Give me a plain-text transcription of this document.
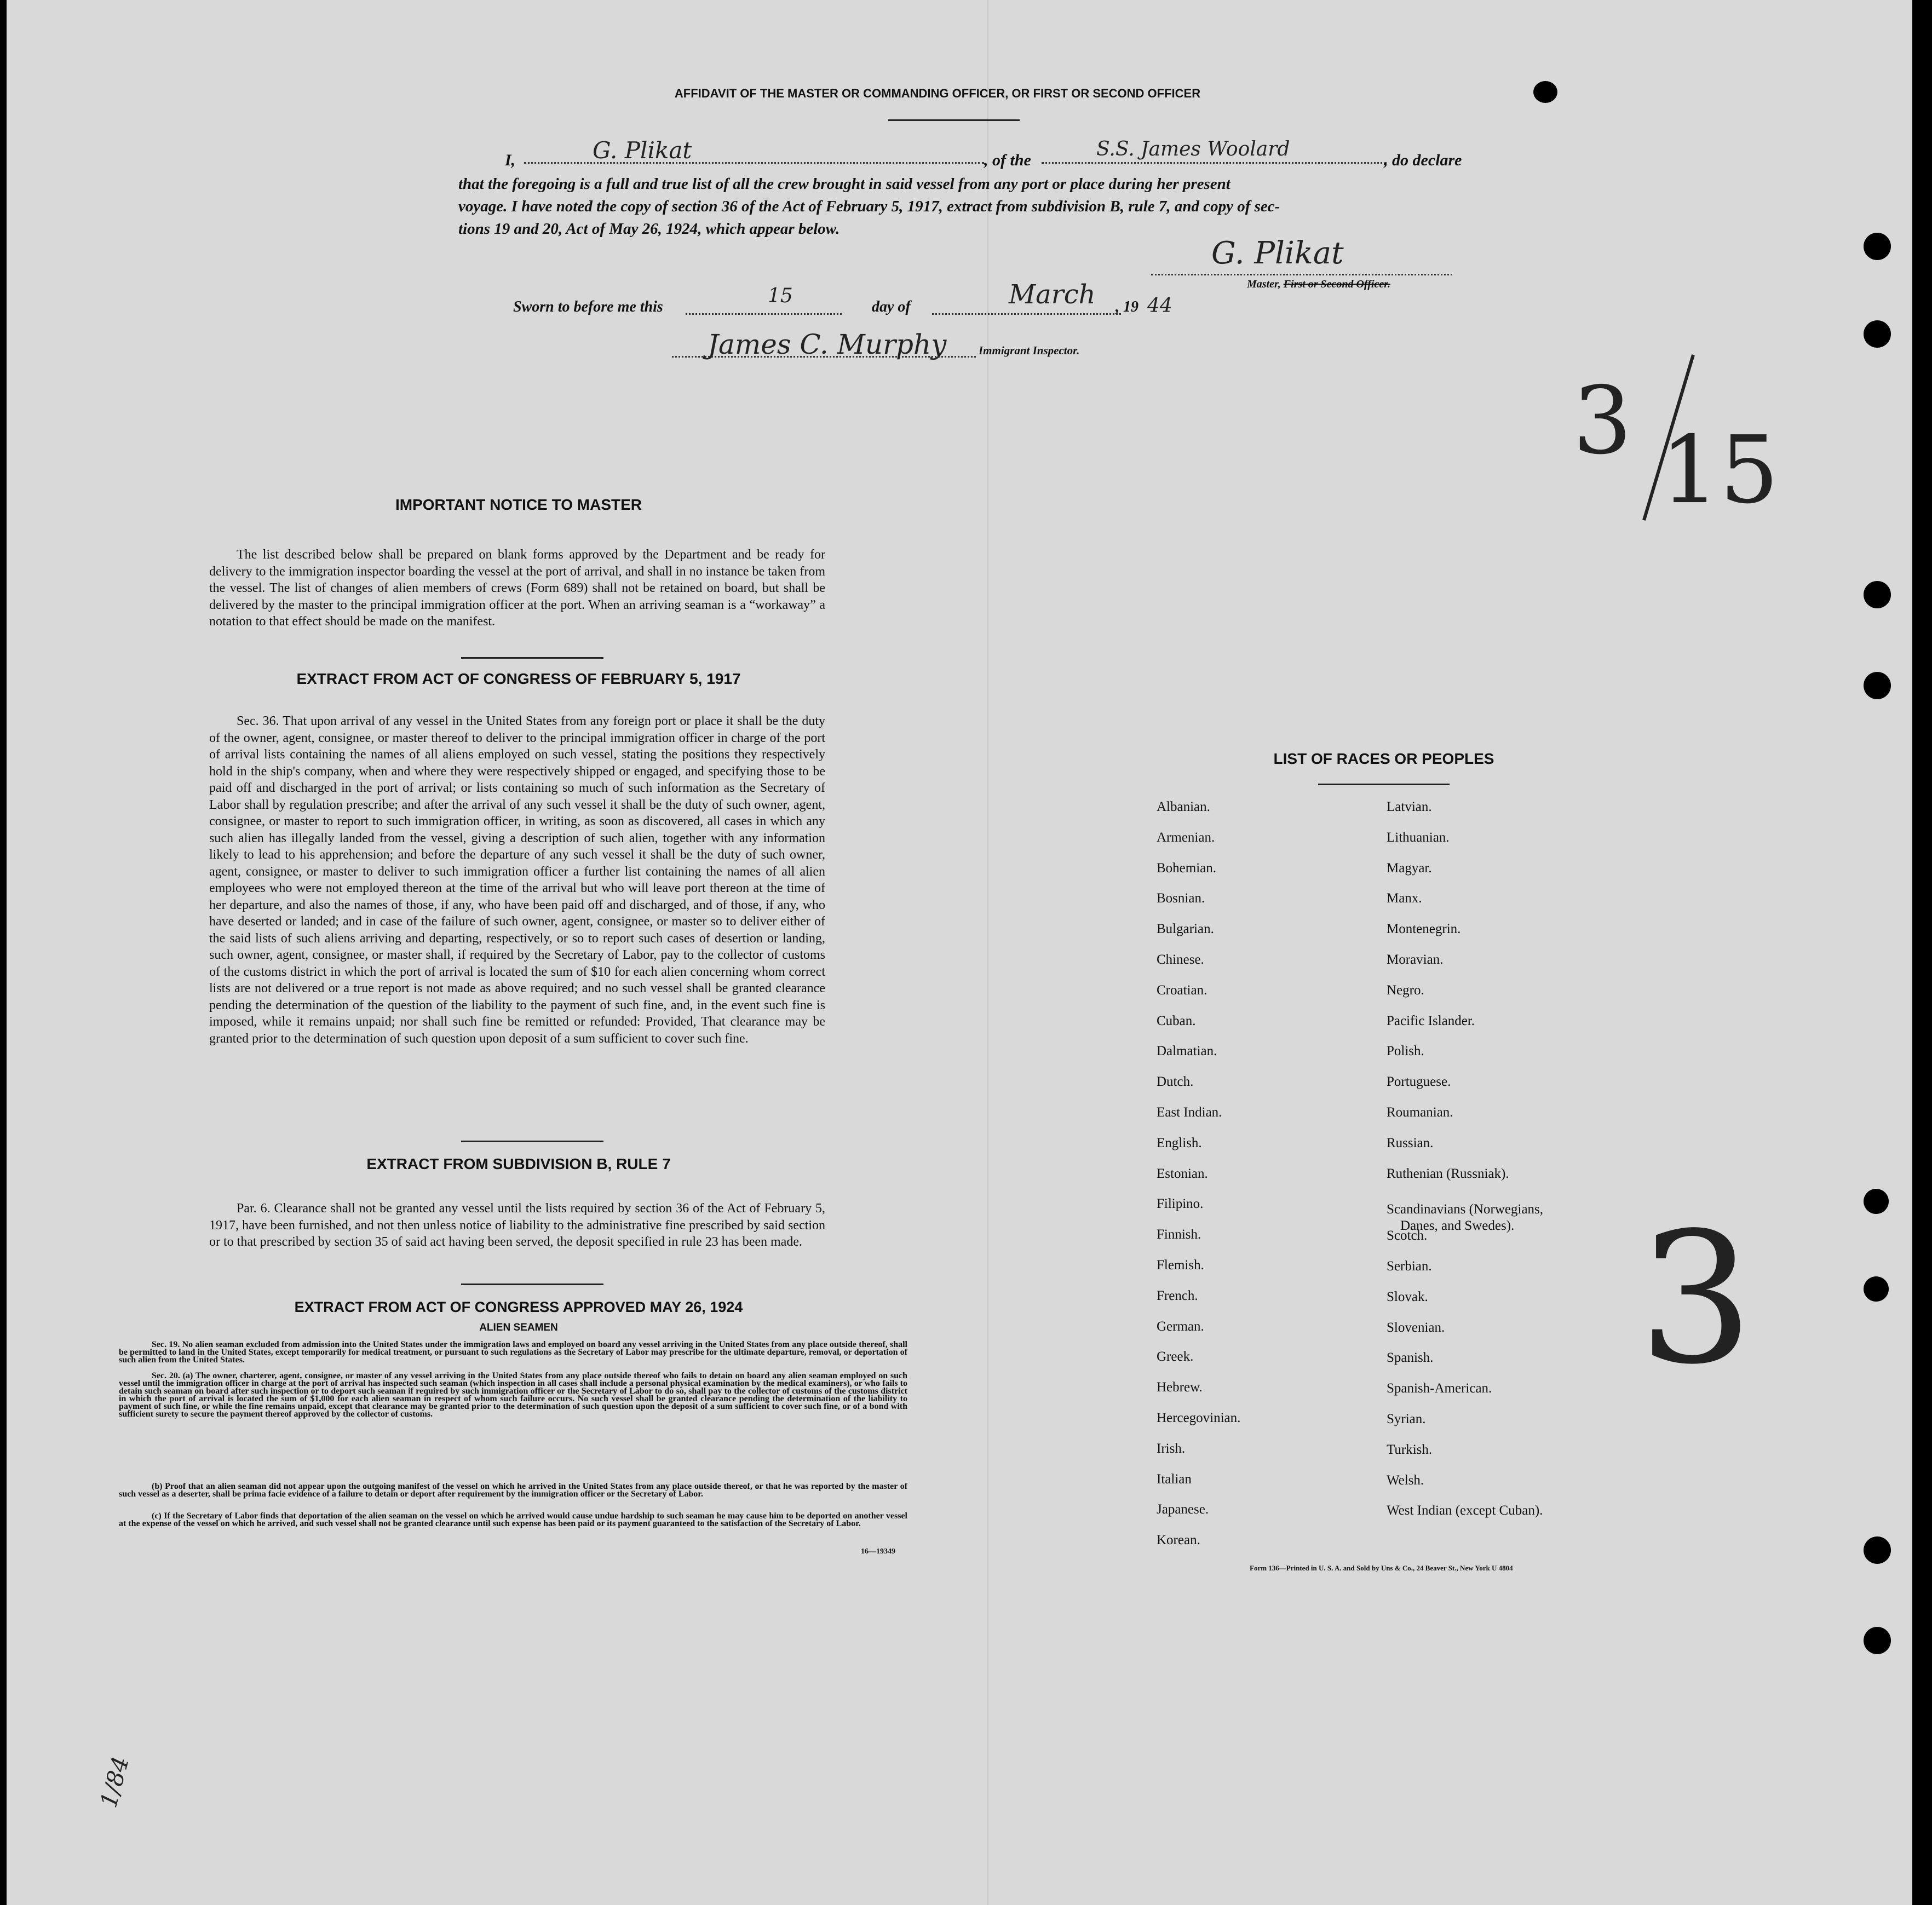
AFFIDAVIT OF THE MASTER OR COMMANDING OFFICER, OR FIRST OR SECOND OFFICER
I,	G. Plikat	, of the	S.S. James Woolard	, do declare
that the foregoing is a full and true list of all the crew brought in said vessel from any port or place during her present
voyage. I have noted the copy of section 36 of the Act of February 5, 1917, extract from subdivision B, rule 7, and copy of sec-
tions 19 and 20, Act of May 26, 1924, which appear below.
G. Plikat
Master, First or Second Officer.
Sworn to before me this	15	day of	March , 19 44
James C. Murphy	Immigrant Inspector.
3 15
3
1/84
IMPORTANT NOTICE TO MASTER
The list described below shall be prepared on blank forms approved by the Department and be ready for delivery to the immigration inspector boarding the vessel at the port of arrival, and shall in no instance be taken from the vessel. The list of changes of alien members of crews (Form 689) shall not be retained on board, but shall be delivered by the master to the principal immigration officer at the port. When an arriving seaman is a “workaway” a notation to that effect should be made on the manifest.
EXTRACT FROM ACT OF CONGRESS OF FEBRUARY 5, 1917
Sec. 36. That upon arrival of any vessel in the United States from any foreign port or place it shall be the duty of the owner, agent, consignee, or master thereof to deliver to the principal immigration officer in charge of the port of arrival lists containing the names of all aliens employed on such vessel, stating the positions they respectively hold in the ship's company, when and where they were respectively shipped or engaged, and specifying those to be paid off and discharged in the port of arrival; or lists containing so much of such information as the Secretary of Labor shall by regulation prescribe; and after the arrival of any such vessel it shall be the duty of such owner, agent, consignee, or master to report to such immigration officer, in writing, as soon as discovered, all cases in which any such alien has illegally landed from the vessel, giving a description of such alien, together with any information likely to lead to his apprehension; and before the departure of any such vessel it shall be the duty of such owner, agent, consignee, or master to deliver to such immigration officer a further list containing the names of all alien employees who were not employed thereon at the time of the arrival but who will leave port thereon at the time of her departure, and also the names of those, if any, who have been paid off and discharged, and of those, if any, who have deserted or landed; and in case of the failure of such owner, agent, consignee, or master so to deliver either of the said lists of such aliens arriving and departing, respectively, or so to report such cases of desertion or landing, such owner, agent, consignee, or master shall, if required by the Secretary of Labor, pay to the collector of customs of the customs district in which the port of arrival is located the sum of $10 for each alien concerning whom correct lists are not delivered or a true report is not made as above required; and no such vessel shall be granted clearance pending the determination of the question of the liability to the payment of such fine, and, in the event such fine is imposed, while it remains unpaid; nor shall such fine be remitted or refunded: Provided, That clearance may be granted prior to the determination of such question upon deposit of a sum sufficient to cover such fine.
EXTRACT FROM SUBDIVISION B, RULE 7
Par. 6. Clearance shall not be granted any vessel until the lists required by section 36 of the Act of February 5, 1917, have been furnished, and not then unless notice of liability to the administrative fine prescribed by said section or to that prescribed by section 35 of said act having been served, the deposit specified in rule 23 has been made.
EXTRACT FROM ACT OF CONGRESS APPROVED MAY 26, 1924
ALIEN SEAMEN
Sec. 19. No alien seaman excluded from admission into the United States under the immigration laws and employed on board any vessel arriving in the United States from any place outside thereof, shall be permitted to land in the United States, except temporarily for medical treatment, or pursuant to such regulations as the Secretary of Labor may prescribe for the ultimate departure, removal, or deportation of such alien from the United States.
Sec. 20. (a) The owner, charterer, agent, consignee, or master of any vessel arriving in the United States from any place outside thereof who fails to detain on board any alien seaman employed on such vessel until the immigration officer in charge at the port of arrival has inspected such seaman (which inspection in all cases shall include a personal physical examination by the medical examiners), or who fails to detain such seaman on board after such inspection or to deport such seaman if required by such immigration officer or the Secretary of Labor to do so, shall pay to the collector of customs of the customs district in which the port of arrival is located the sum of $1,000 for each alien seaman in respect of whom such failure occurs. No such vessel shall be granted clearance pending the determination of the liability to payment of such fine, or while the fine remains unpaid, except that clearance may be granted prior to the determination of such question upon the deposit of a sum sufficient to cover such fine, or of a bond with sufficient surety to secure the payment thereof approved by the collector of customs.
(b) Proof that an alien seaman did not appear upon the outgoing manifest of the vessel on which he arrived in the United States from any place outside thereof, or that he was reported by the master of such vessel as a deserter, shall be prima facie evidence of a failure to detain or deport after requirement by the immigration officer or the Secretary of Labor.
(c) If the Secretary of Labor finds that deportation of the alien seaman on the vessel on which he arrived would cause undue hardship to such seaman he may cause him to be deported on another vessel at the expense of the vessel on which he arrived, and such vessel shall not be granted clearance until such expense has been paid or its payment guaranteed to the satisfaction of the Secretary of Labor.
16—19349
LIST OF RACES OR PEOPLES
Form 136—Printed in U. S. A. and Sold by Uns & Co., 24 Beaver St., New York U 4804
Albanian.
Armenian.
Bohemian.
Bosnian.
Bulgarian.
Chinese.
Croatian.
Cuban.
Dalmatian.
Dutch.
East Indian.
English.
Estonian.
Filipino.
Finnish.
Flemish.
French.
German.
Greek.
Hebrew.
Hercegovinian.
Irish.
Italian
Japanese.
Korean.
Latvian.
Lithuanian.
Magyar.
Manx.
Montenegrin.
Moravian.
Negro.
Pacific Islander.
Polish.
Portuguese.
Roumanian.
Russian.
Ruthenian (Russniak).
Scandinavians (Norwegians,
Danes, and Swedes).
Scotch.
Serbian.
Slovak.
Slovenian.
Spanish.
Spanish-American.
Syrian.
Turkish.
Welsh.
West Indian (except Cuban).
